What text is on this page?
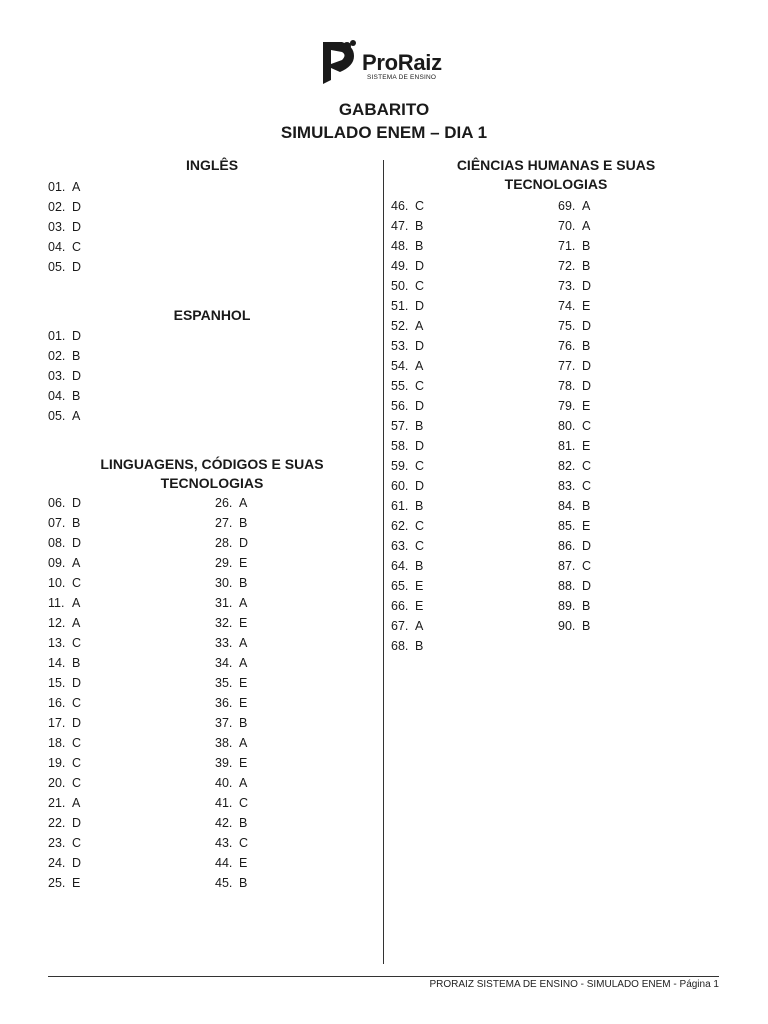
ProRaiz
SISTEMA DE ENSINO
GABARITO
SIMULADO ENEM – DIA 1
INGLÊS
01. A
02. D
03. D
04. C
05. D
ESPANHOL
01. D
02. B
03. D
04. B
05. A
LINGUAGENS, CÓDIGOS E SUAS
TECNOLOGIAS
06. D
07. B
08. D
09. A
10. C
11. A
12. A
13. C
14. B
15. D
16. C
17. D
18. C
19. C
20. C
21. A
22. D
23. C
24. D
25. E
26. A
27. B
28. D
29. E
30. B
31. A
32. E
33. A
34. A
35. E
36. E
37. B
38. A
39. E
40. A
41. C
42. B
43. C
44. E
45. B
CIÊNCIAS HUMANAS E SUAS
TECNOLOGIAS
46. C
47. B
48. B
49. D
50. C
51. D
52. A
53. D
54. A
55. C
56. D
57. B
58. D
59. C
60. D
61. B
62. C
63. C
64. B
65. E
66. E
67. A
68. B
69. A
70. A
71. B
72. B
73. D
74. E
75. D
76. B
77. D
78. D
79. E
80. C
81. E
82. C
83. C
84. B
85. E
86. D
87. C
88. D
89. B
90. B
PRORAIZ SISTEMA DE ENSINO - SIMULADO ENEM - Página 1
